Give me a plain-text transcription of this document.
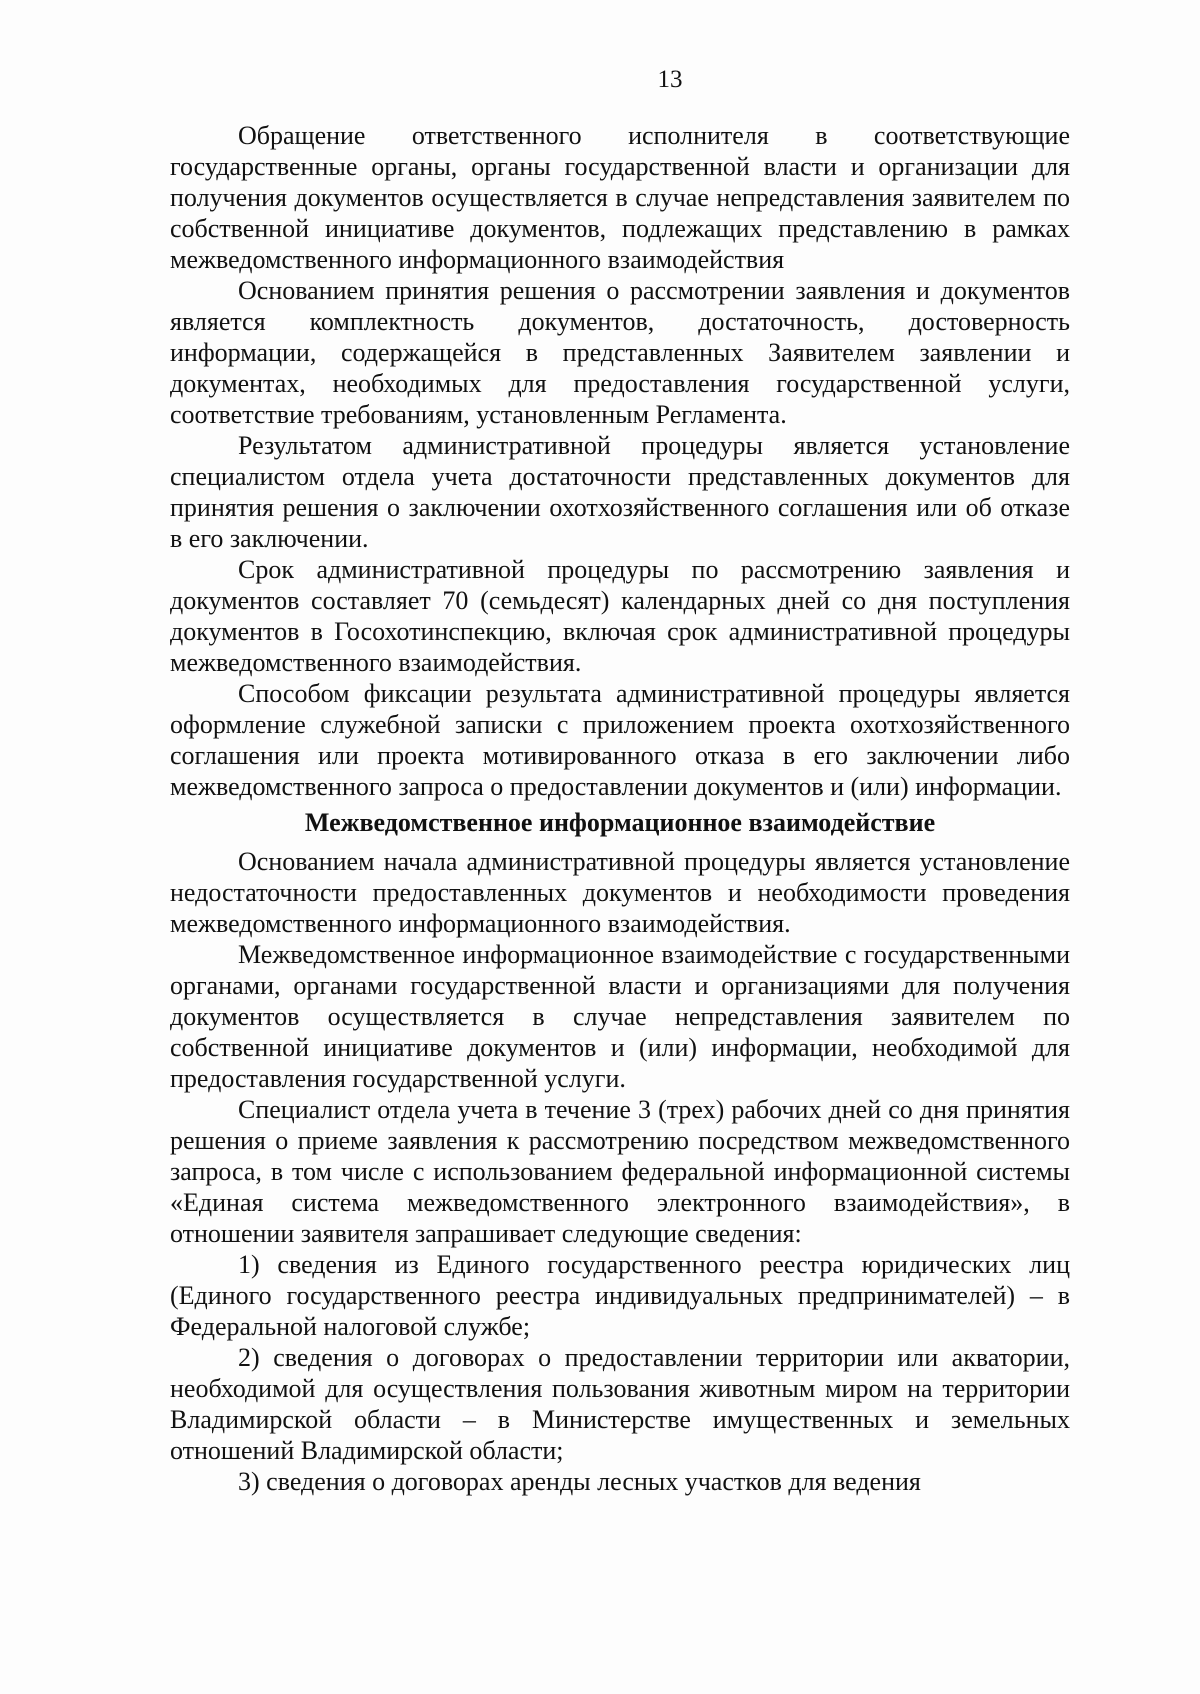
13

Обращение ответственного исполнителя в соответствующие государственные органы, органы государственной власти и организации для получения документов осуществляется в случае непредставления заявителем по собственной инициативе документов, подлежащих представлению в рамках межведомственного информационного взаимодействия

Основанием принятия решения о рассмотрении заявления и документов является комплектность документов, достаточность, достоверность информации, содержащейся в представленных Заявителем заявлении и документах, необходимых для предоставления государственной услуги, соответствие требованиям, установленным Регламента.

Результатом административной процедуры является установление специалистом отдела учета достаточности представленных документов для принятия решения о заключении охотхозяйственного соглашения или об отказе в его заключении.

Срок административной процедуры по рассмотрению заявления и документов составляет 70 (семьдесят) календарных дней со дня поступления документов в Госохотинспекцию, включая срок административной процедуры межведомственного взаимодействия.

Способом фиксации результата административной процедуры является оформление служебной записки с приложением проекта охотхозяйственного соглашения или проекта мотивированного отказа в его заключении либо межведомственного запроса о предоставлении документов и (или) информации.

Межведомственное информационное взаимодействие

Основанием начала административной процедуры является установление недостаточности предоставленных документов и необходимости проведения межведомственного информационного взаимодействия.

Межведомственное информационное взаимодействие с государственными органами, органами государственной власти и организациями для получения документов осуществляется в случае непредставления заявителем по собственной инициативе документов и (или) информации, необходимой для предоставления государственной услуги.

Специалист отдела учета в течение 3 (трех) рабочих дней со дня принятия решения о приеме заявления к рассмотрению посредством межведомственного запроса, в том числе с использованием федеральной информационной системы «Единая система межведомственного электронного взаимодействия», в отношении заявителя запрашивает следующие сведения:

1) сведения из Единого государственного реестра юридических лиц (Единого государственного реестра индивидуальных предпринимателей) – в Федеральной налоговой службе;

2) сведения о договорах о предоставлении территории или акватории, необходимой для осуществления пользования животным миром на территории Владимирской области – в Министерстве имущественных и земельных отношений Владимирской области;

3) сведения о договорах аренды лесных участков для ведения
